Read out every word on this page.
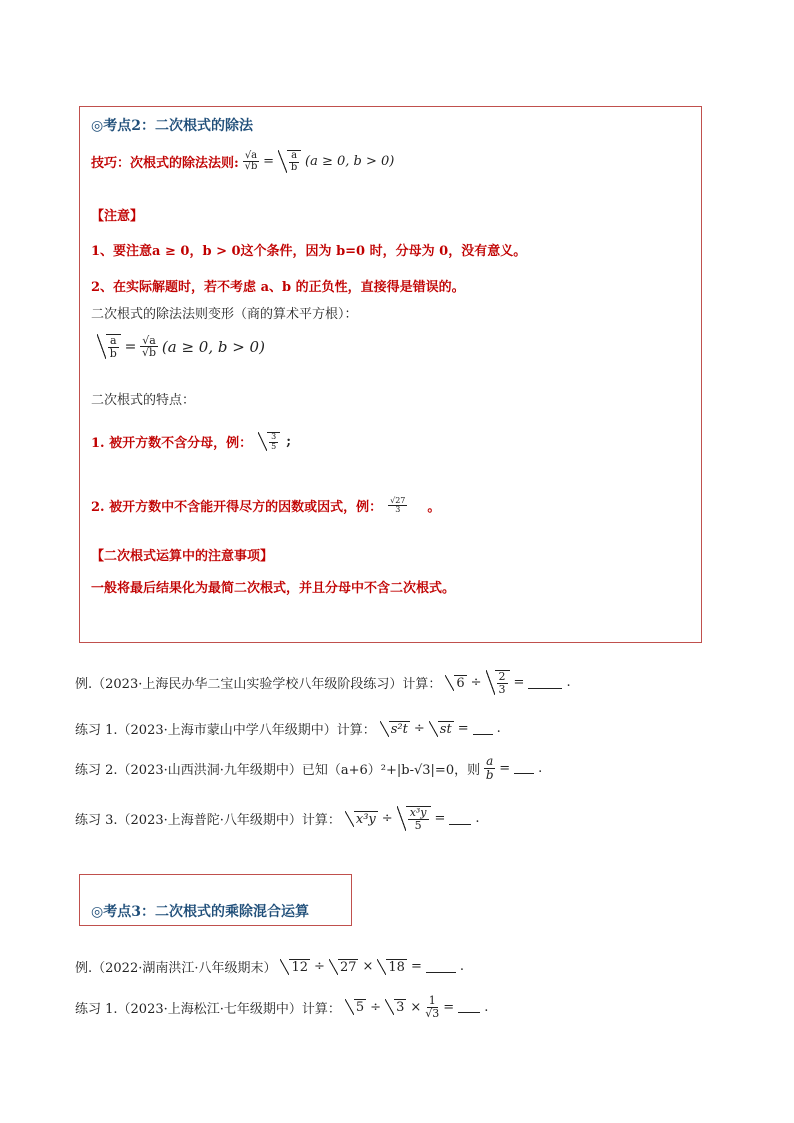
◎考点2：二次根式的除法
技巧：次根式的除法法则: $\frac{√a}{√b} = \frac{a}{b} (a \ge 0$, b > 0)
【注意】
1、要注意a ≥ 0，b > 0这个条件，因为 b=0 时，分母为 0，没有意义。
2、在实际解题时，若不考虑 a、b 的正负性，直接得是错误的。
二次根式的除法法则变形（商的算术平方根）：
$\frac{a}{b} = \frac{√a}{√b} (a \ge 0$, b > 0)
二次根式的特点：
1. 被开方数不含分母，例： $\frac{3}{5}$ ;
2. 被开方数中不含能开得尽方的因数或因式，例： $\frac{√27}{3}$ 。
【二次根式运算中的注意事项】
一般将最后结果化为最简二次根式，并且分母中不含二次根式。
例.（2023·上海民办华二宝山实验学校八年级阶段练习）计算：	$6 \div \frac{2}{3}$ =	.
练习 1.（2023·上海市蒙山中学八年级期中）计算：	s²t ÷	st = .
练习 2.（2023·山西洪洞·九年级期中）已知（a+6）²+|b-√3|=0，则 $\frac{a}{b}$ = .
练习 3.（2023·上海普陀·八年级期中）计算：	$x^3y \div \frac{\text{x³y}}{5}$ = .
◎考点3：二次根式的乘除混合运算
例.（2022·湖南洪江·八年级期末）	12 ÷	27 ×	18 =	.
练习 1.（2023·上海松江·七年级期中）计算：	5 ÷	$3 \times \frac{1}{√3}$ = .
